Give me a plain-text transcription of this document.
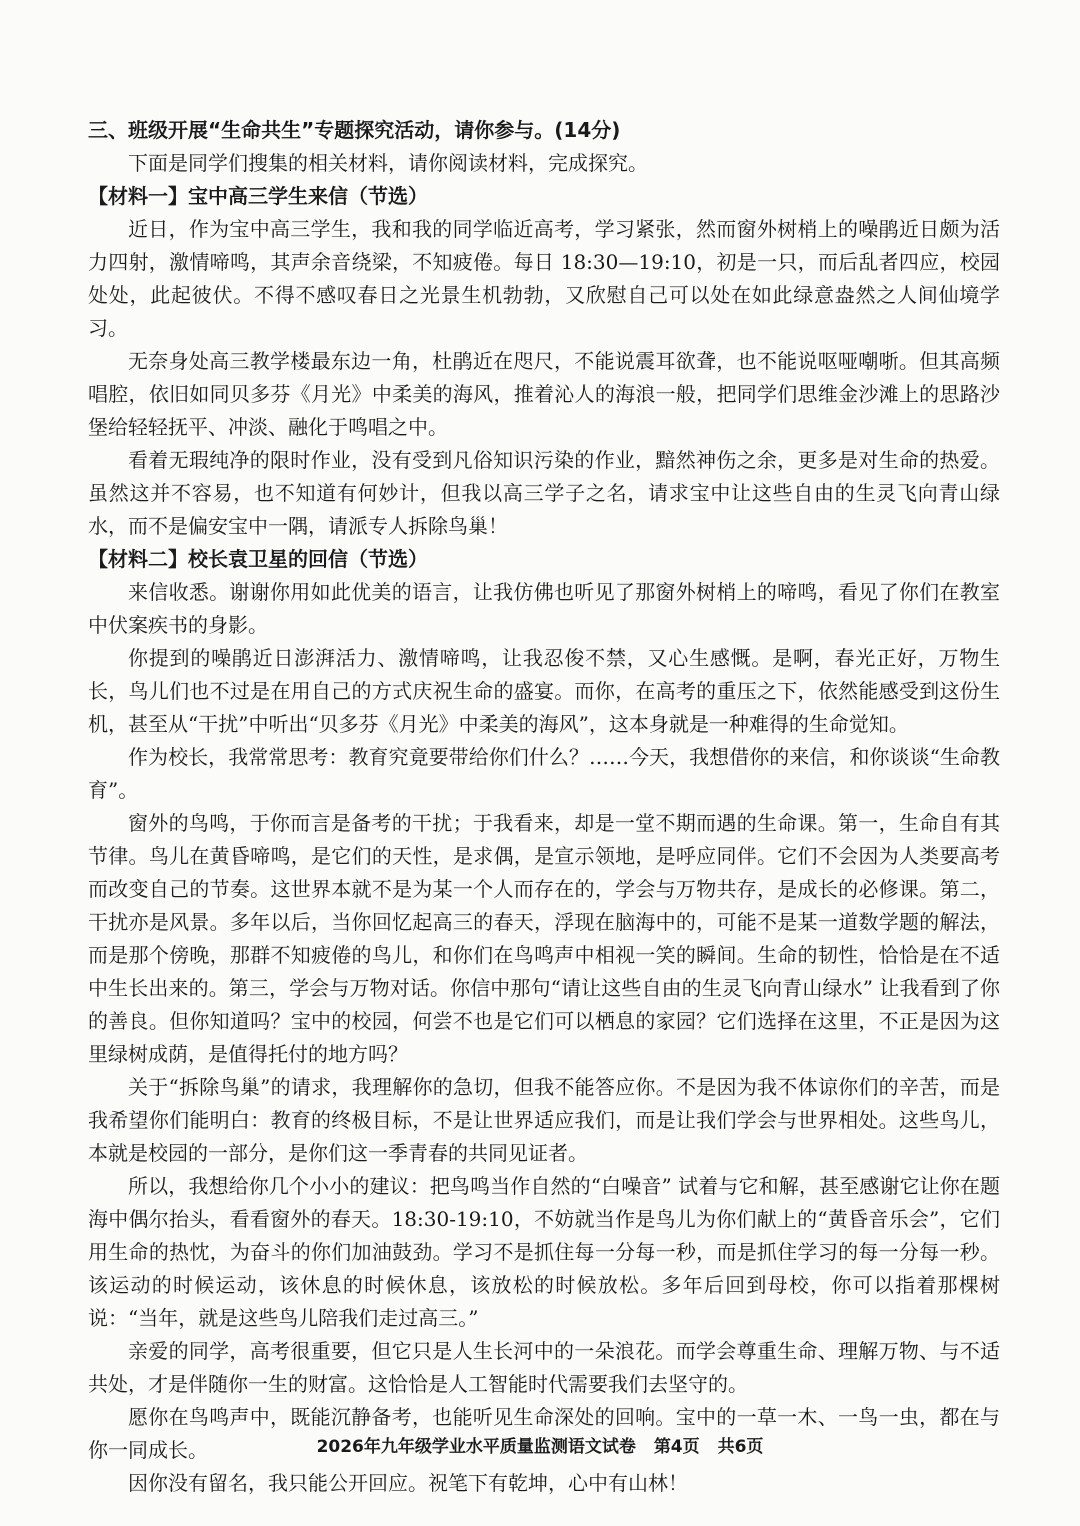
三、班级开展“生命共生”专题探究活动，请你参与。(14分)

下面是同学们搜集的相关材料，请你阅读材料，完成探究。

【材料一】宝中高三学生来信（节选）

近日，作为宝中高三学生，我和我的同学临近高考，学习紧张，然而窗外树梢上的噪鹃近日颇为活力四射，激情啼鸣，其声余音绕梁，不知疲倦。每日 18:30—19:10，初是一只，而后乱者四应，校园处处，此起彼伏。不得不感叹春日之光景生机勃勃，又欣慰自己可以处在如此绿意盎然之人间仙境学习。

无奈身处高三教学楼最东边一角，杜鹃近在咫尺，不能说震耳欲聋，也不能说呕哑嘲哳。但其高频唱腔，依旧如同贝多芬《月光》中柔美的海风，推着沁人的海浪一般，把同学们思维金沙滩上的思路沙堡给轻轻抚平、冲淡、融化于鸣唱之中。

看着无瑕纯净的限时作业，没有受到凡俗知识污染的作业，黯然神伤之余，更多是对生命的热爱。虽然这并不容易，也不知道有何妙计，但我以高三学子之名，请求宝中让这些自由的生灵飞向青山绿水，而不是偏安宝中一隅，请派专人拆除鸟巢！

【材料二】校长袁卫星的回信（节选）

来信收悉。谢谢你用如此优美的语言，让我仿佛也听见了那窗外树梢上的啼鸣，看见了你们在教室中伏案疾书的身影。

你提到的噪鹃近日澎湃活力、激情啼鸣，让我忍俊不禁，又心生感慨。是啊，春光正好，万物生长，鸟儿们也不过是在用自己的方式庆祝生命的盛宴。而你，在高考的重压之下，依然能感受到这份生机，甚至从“干扰”中听出“贝多芬《月光》中柔美的海风”，这本身就是一种难得的生命觉知。

作为校长，我常常思考：教育究竟要带给你们什么？……今天，我想借你的来信，和你谈谈“生命教育”。

窗外的鸟鸣，于你而言是备考的干扰；于我看来，却是一堂不期而遇的生命课。第一，生命自有其节律。鸟儿在黄昏啼鸣，是它们的天性，是求偶，是宣示领地，是呼应同伴。它们不会因为人类要高考而改变自己的节奏。这世界本就不是为某一个人而存在的，学会与万物共存，是成长的必修课。第二，干扰亦是风景。多年以后，当你回忆起高三的春天，浮现在脑海中的，可能不是某一道数学题的解法，而是那个傍晚，那群不知疲倦的鸟儿，和你们在鸟鸣声中相视一笑的瞬间。生命的韧性，恰恰是在不适中生长出来的。第三，学会与万物对话。你信中那句“请让这些自由的生灵飞向青山绿水” 让我看到了你的善良。但你知道吗？宝中的校园，何尝不也是它们可以栖息的家园？它们选择在这里，不正是因为这里绿树成荫，是值得托付的地方吗？

关于“拆除鸟巢”的请求，我理解你的急切，但我不能答应你。不是因为我不体谅你们的辛苦，而是我希望你们能明白：教育的终极目标，不是让世界适应我们，而是让我们学会与世界相处。这些鸟儿，本就是校园的一部分，是你们这一季青春的共同见证者。

所以，我想给你几个小小的建议：把鸟鸣当作自然的“白噪音” 试着与它和解，甚至感谢它让你在题海中偶尔抬头，看看窗外的春天。18:30-19:10，不妨就当作是鸟儿为你们献上的“黄昏音乐会”，它们用生命的热忱，为奋斗的你们加油鼓劲。学习不是抓住每一分每一秒，而是抓住学习的每一分每一秒。该运动的时候运动，该休息的时候休息，该放松的时候放松。多年后回到母校，你可以指着那棵树说：“当年，就是这些鸟儿陪我们走过高三。”

亲爱的同学，高考很重要，但它只是人生长河中的一朵浪花。而学会尊重生命、理解万物、与不适共处，才是伴随你一生的财富。这恰恰是人工智能时代需要我们去坚守的。

愿你在鸟鸣声中，既能沉静备考，也能听见生命深处的回响。宝中的一草一木、一鸟一虫，都在与你一同成长。

因你没有留名，我只能公开回应。祝笔下有乾坤，心中有山林！

2026年九年级学业水平质量监测语文试卷 第4页 共6页
